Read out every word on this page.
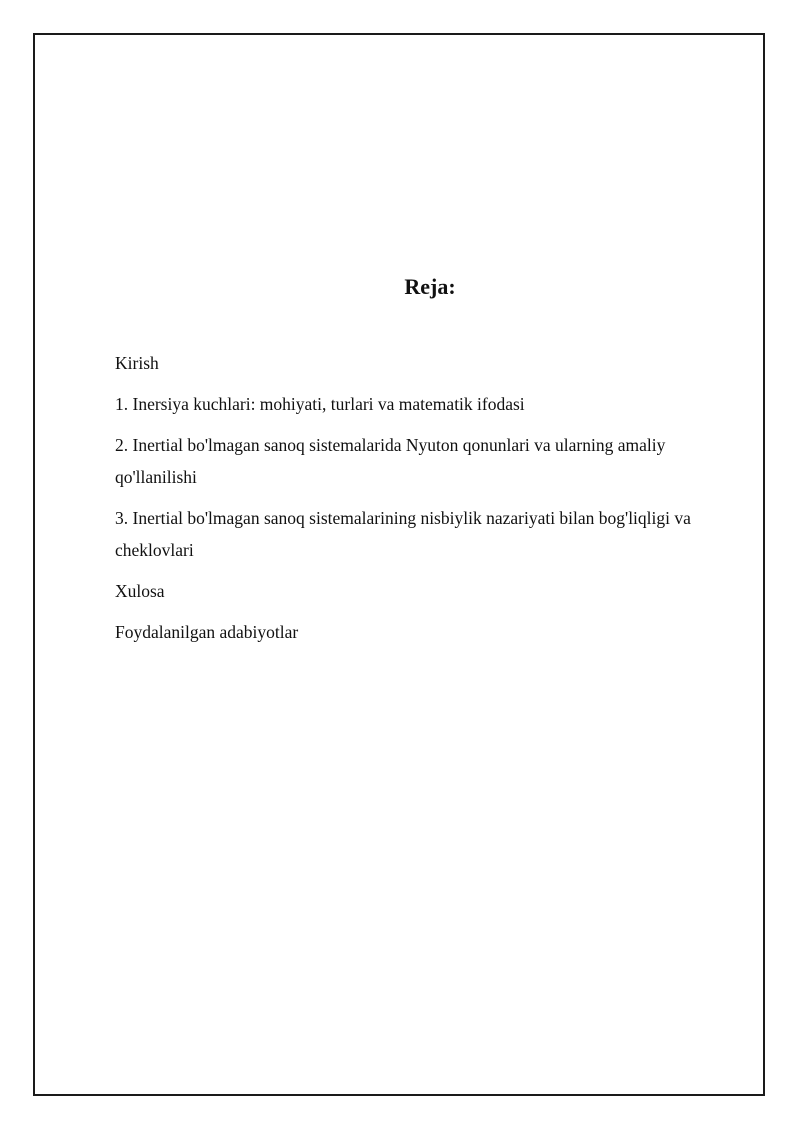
Reja:
Kirish
1. Inersiya kuchlari: mohiyati, turlari va matematik ifodasi
2. Inertial bo'lmagan sanoq sistemalarida Nyuton qonunlari va ularning amaliy qo'llanilishi
3. Inertial bo'lmagan sanoq sistemalarining nisbiylik nazariyati bilan bog'liqligi va cheklovlari
Xulosa
Foydalanilgan adabiyotlar
